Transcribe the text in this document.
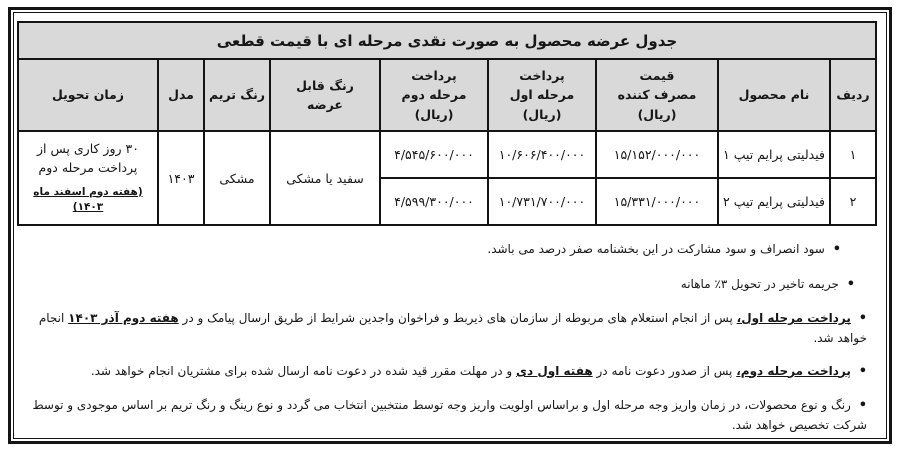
جدول عرضه محصول به صورت نقدی مرحله ای با قیمت قطعی								

ردیف

نام محصول

قیمت
مصرف کننده
(ریال)

پرداخت
مرحله اول
(ریال)

پرداخت
مرحله دوم
(ریال)

رنگ قابل
عرضه

رنگ تریم

مدل

زمان تحویل

۱	فیدلیتی پرایم تیپ ۱	۱۵/۱۵۲/۰۰۰/۰۰۰	۱۰/۶۰۶/۴۰۰/۰۰۰	۴/۵۴۵/۶۰۰/۰۰۰	سفید یا مشکی	مشکی	۱۴۰۳	۳۰ روز کاری پس از
پرداخت مرحله دوم
(هفته دوم اسفند ماه ۱۴۰۳)

۲	فیدلیتی پرایم تیپ ۲	۱۵/۳۳۱/۰۰۰/۰۰۰	۱۰/۷۳۱/۷۰۰/۰۰۰	۴/۵۹۹/۳۰۰/۰۰۰				
• سود انصراف و سود مشارکت در این بخشنامه صفر درصد می باشد.
• جریمه تاخیر در تحویل ۳٪ ماهانه
• پرداخت مرحله اول، پس از انجام استعلام های مربوطه از سازمان های ذیربط و فراخوان واجدین شرایط از طریق ارسال پیامک و در هفته دوم آذر ۱۴۰۳ انجام خواهد شد.
• پرداخت مرحله دوم، پس از صدور دعوت نامه در هفته اول دی و در مهلت مقرر قید شده در دعوت نامه ارسال شده برای مشتریان انجام خواهد شد.
• رنگ و نوع محصولات، در زمان واریز وجه مرحله اول و براساس اولویت واریز وجه توسط منتخبین انتخاب می گردد و نوع رینگ و رنگ تریم بر اساس موجودی و توسط شرکت تخصیص خواهد شد.
